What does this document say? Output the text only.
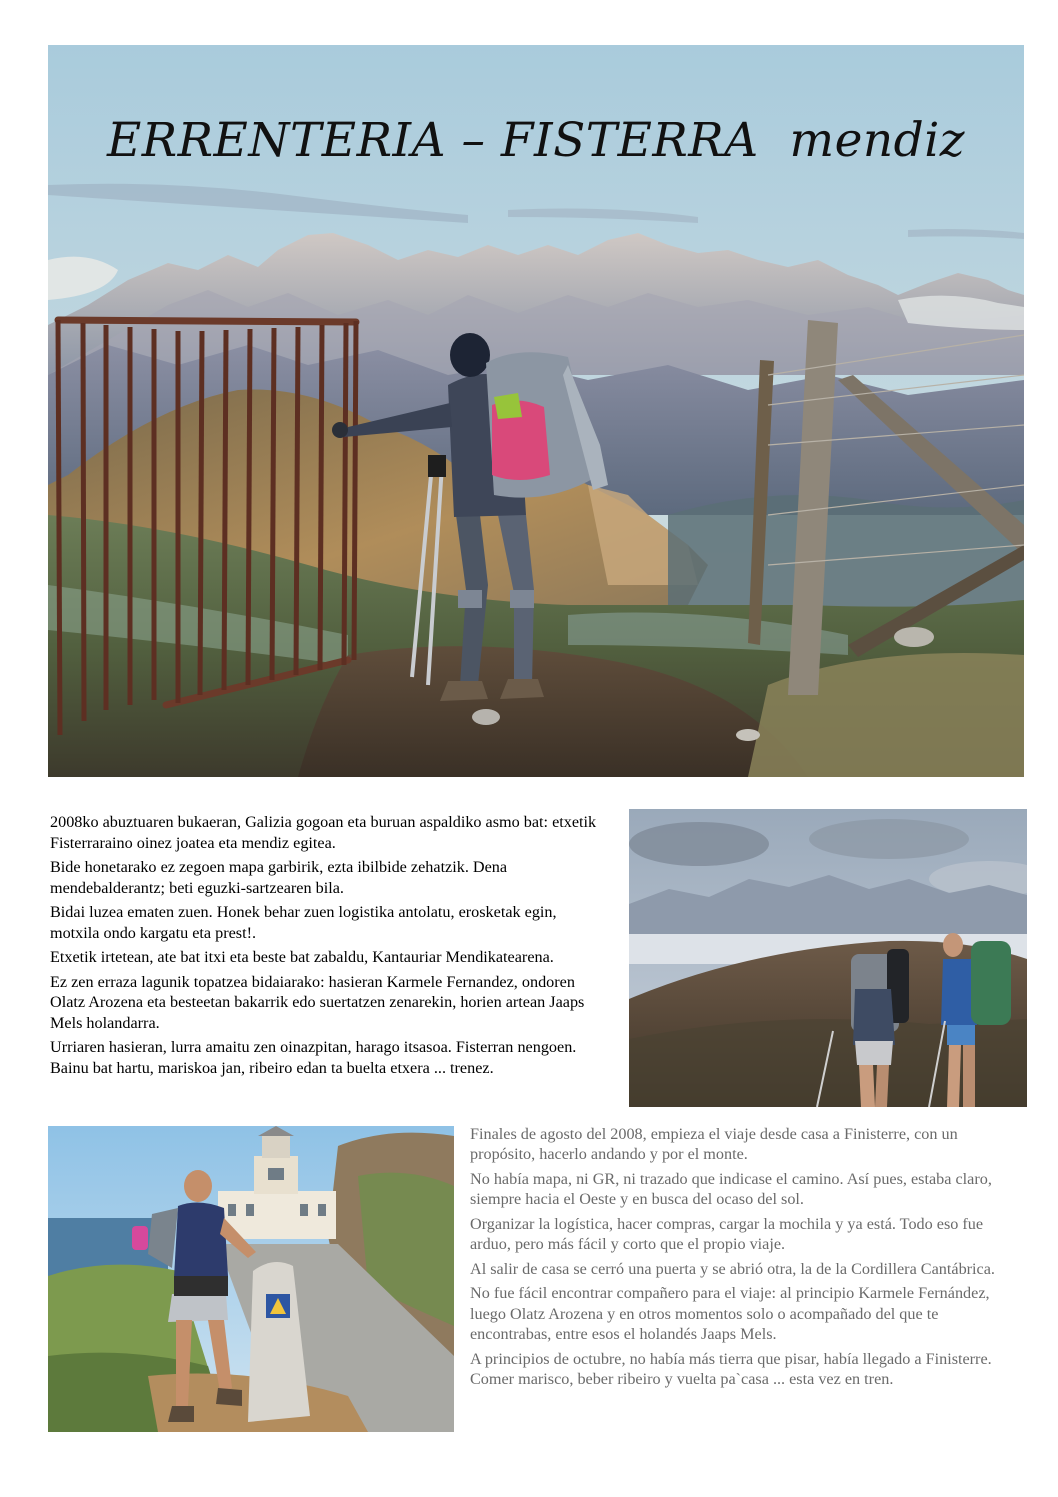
ERRENTERIA – FISTERRA  mendiz

2008ko abuztuaren bukaeran, Galizia gogoan eta buruan aspaldiko asmo bat: etxetik Fisterraraino oinez joatea eta mendiz egitea.

Bide honetarako ez zegoen mapa garbirik, ezta ibilbide zehatzik. Dena mendebalderantz; beti eguzki-sartzearen bila.

Bidai luzea ematen zuen. Honek behar zuen logistika antolatu, erosketak egin, motxila ondo kargatu eta prest!.

Etxetik irtetean, ate bat itxi eta beste bat zabaldu, Kantauriar Mendikatearena.

Ez zen erraza lagunik topatzea bidaiarako: hasieran Karmele Fernandez, ondoren Olatz Arozena eta besteetan bakarrik edo suertatzen zenarekin, horien artean Jaaps Mels holandarra.

Urriaren hasieran, lurra amaitu zen oinazpitan, harago itsasoa. Fisterran nengoen. Bainu bat hartu, mariskoa jan, ribeiro edan ta buelta etxera ... trenez.

Finales de agosto del 2008, empieza el viaje desde casa a Finisterre, con un propósito, hacerlo andando y por el monte.

No había mapa, ni GR, ni trazado que indicase el camino. Así pues, estaba claro, siempre hacia el Oeste y en busca del ocaso del sol.

Organizar la logística, hacer compras, cargar la mochila y ya está. Todo eso fue arduo, pero más fácil y corto que el propio viaje.

Al salir de casa se cerró una puerta y se abrió otra, la de la Cordillera Cantábrica.

No fue fácil encontrar compañero para el viaje: al principio Karmele Fernández, luego Olatz Arozena y en otros momentos solo o acompañado del que te encontrabas, entre esos el holandés Jaaps Mels.

A principios de octubre, no había más tierra que pisar, había llegado a Finisterre. Comer marisco, beber ribeiro y vuelta pa`casa ... esta vez en tren.
